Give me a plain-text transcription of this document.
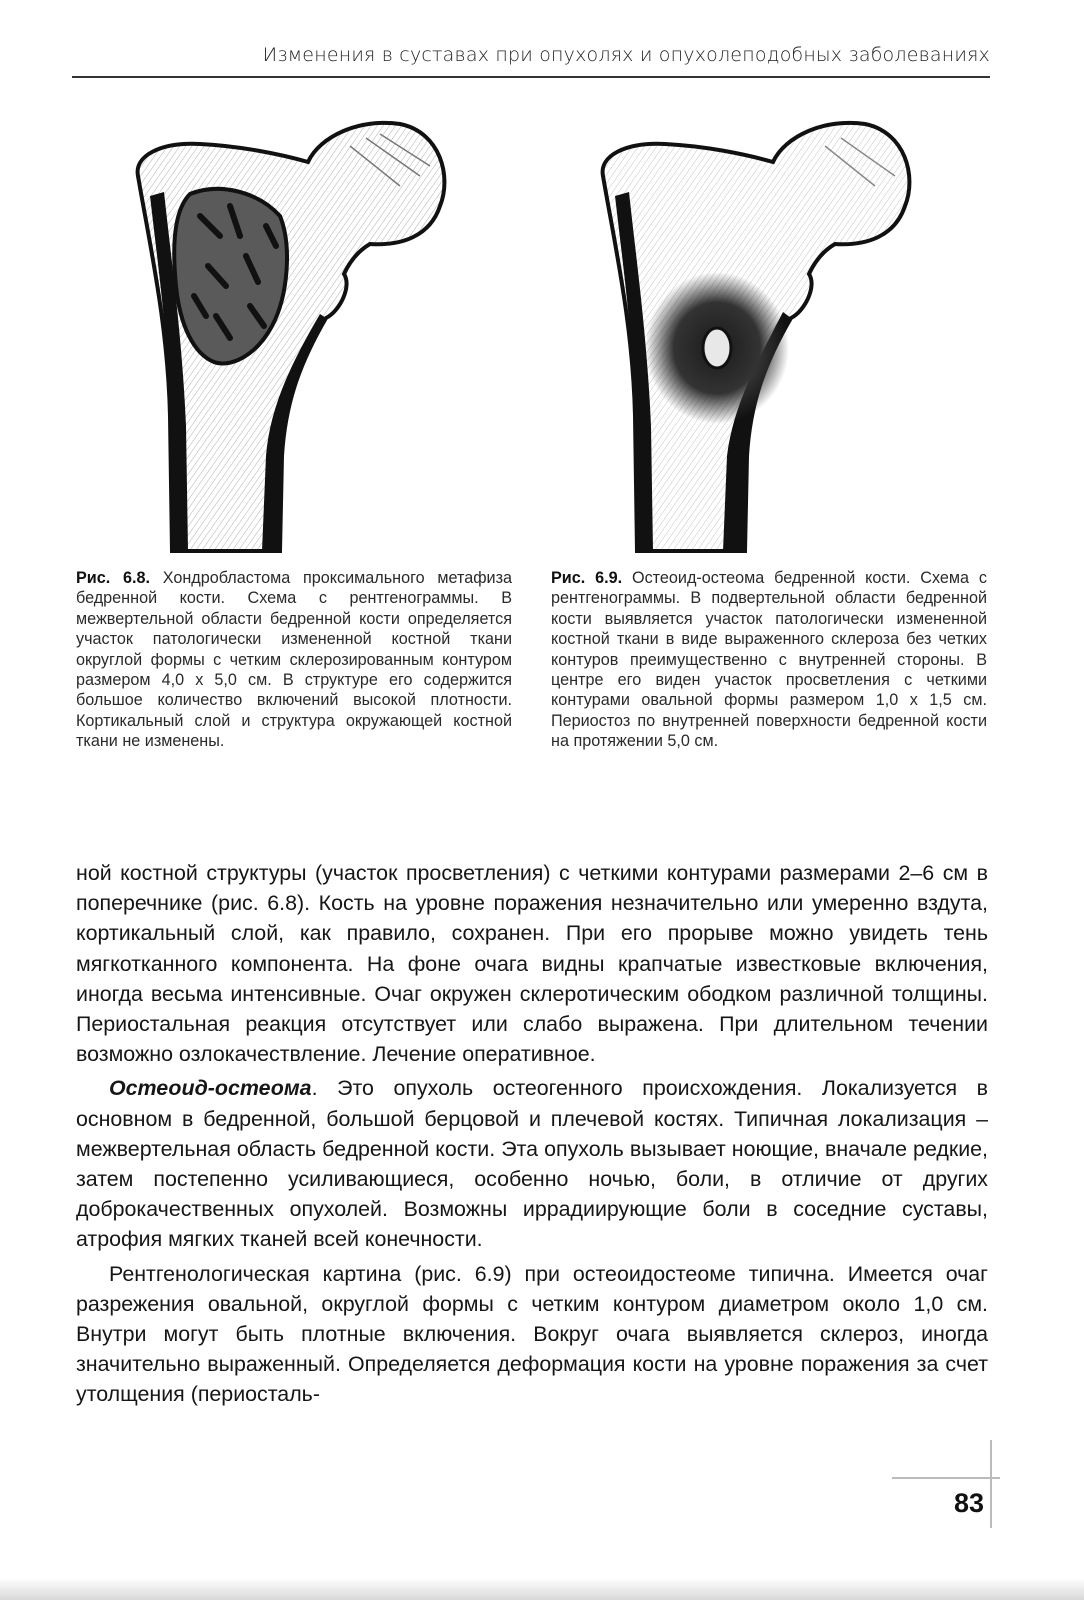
Изменения в суставах при опухолях и опухолеподобных заболеваниях
Рис. 6.8. Хондробластома проксимального метафиза бедренной кости. Схема с рентгенограммы. В межвертельной области бедренной кости определяется участок патологически измененной костной ткани округлой формы с четким склерозированным контуром размером 4,0 x 5,0 см. В структуре его содержится большое количество включений высокой плотности. Кортикальный слой и структура окружающей костной ткани не изменены.
Рис. 6.9. Остеоид-остеома бедренной кости. Схема с рентгенограммы. В подвертельной области бедренной кости выявляется участок патологически измененной костной ткани в виде выраженного склероза без четких контуров преимущественно с внутренней стороны. В центре его виден участок просветления с четкими контурами овальной формы размером 1,0 x 1,5 см. Периостоз по внутренней поверхности бедренной кости на протяжении 5,0 см.

ной костной структуры (участок просветления) с четкими контурами размерами 2–6 см в поперечнике (рис. 6.8). Кость на уровне поражения незначительно или умеренно вздута, кортикальный слой, как правило, сохранен. При его прорыве можно увидеть тень мягкотканного компонента. На фоне очага видны крапчатые известковые включения, иногда весьма интенсивные. Очаг окружен склеротическим ободком различной толщины. Периостальная реакция отсутствует или слабо выражена. При длительном течении возможно озлокачествление. Лечение оперативное.

Остеоид-остеома. Это опухоль остеогенного происхождения. Локализуется в основном в бедренной, большой берцовой и плечевой костях. Типичная локализация – межвертельная область бедренной кости. Эта опухоль вызывает ноющие, вначале редкие, затем постепенно усиливающиеся, особенно ночью, боли, в отличие от других доброкачественных опухолей. Возможны иррадиирующие боли в соседние суставы, атрофия мягких тканей всей конечности.

Рентгенологическая картина (рис. 6.9) при остеоидостеоме типична. Имеется очаг разрежения овальной, округлой формы с четким контуром диаметром около 1,0 см. Внутри могут быть плотные включения. Вокруг очага выявляется склероз, иногда значительно выраженный. Определяется деформация кости на уровне поражения за счет утолщения (периосталь-

83
